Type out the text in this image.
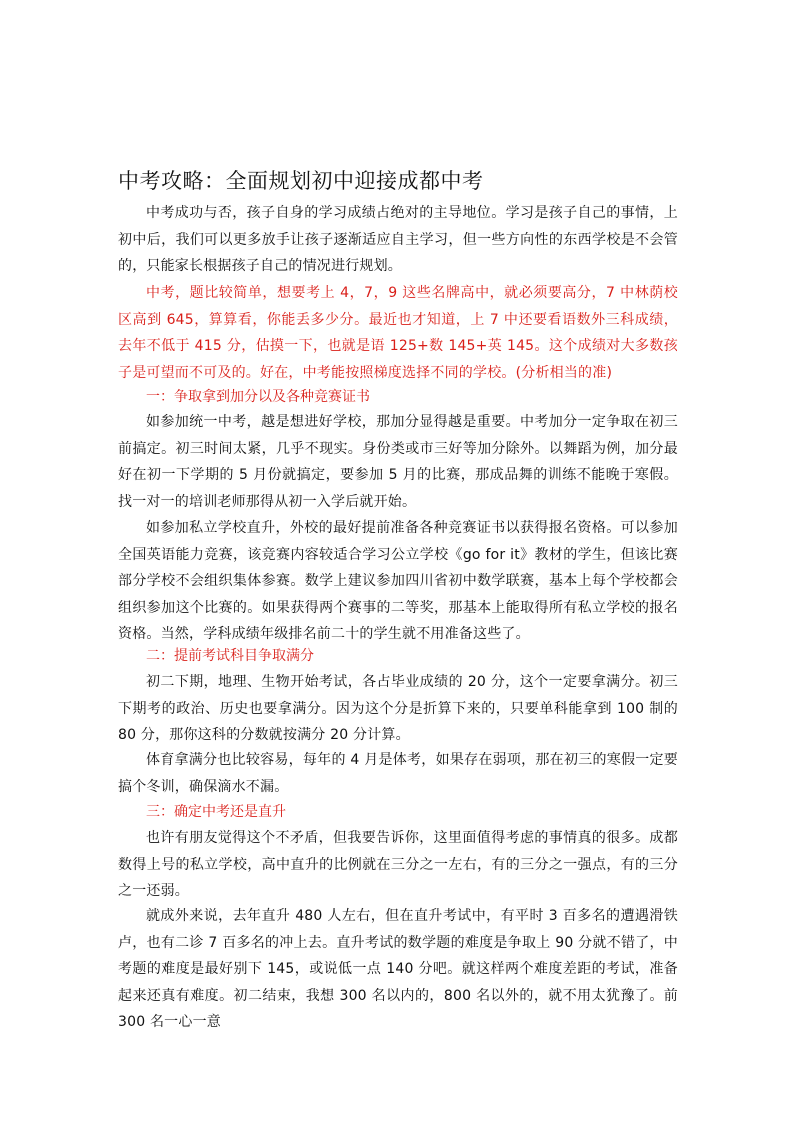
中考攻略：全面规划初中迎接成都中考

中考成功与否，孩子自身的学习成绩占绝对的主导地位。学习是孩子自己的事情，上初中后，我们可以更多放手让孩子逐渐适应自主学习，但一些方向性的东西学校是不会管的，只能家长根据孩子自己的情况进行规划。

中考，题比较简单，想要考上 4，7，9 这些名牌高中，就必须要高分，7 中林荫校区高到 645，算算看，你能丢多少分。最近也才知道，上 7 中还要看语数外三科成绩，去年不低于 415 分，估摸一下，也就是语 125+数 145+英 145。这个成绩对大多数孩子是可望而不可及的。好在，中考能按照梯度选择不同的学校。(分析相当的准)

一：争取拿到加分以及各种竞赛证书

如参加统一中考，越是想进好学校，那加分显得越是重要。中考加分一定争取在初三前搞定。初三时间太紧，几乎不现实。身份类或市三好等加分除外。以舞蹈为例，加分最好在初一下学期的 5 月份就搞定，要参加 5 月的比赛，那成品舞的训练不能晚于寒假。 找一对一的培训老师那得从初一入学后就开始。

如参加私立学校直升，外校的最好提前准备各种竞赛证书以获得报名资格。可以参加全国英语能力竞赛，该竞赛内容较适合学习公立学校《go for it》教材的学生，但该比赛部分学校不会组织集体参赛。数学上建议参加四川省初中数学联赛，基本上每个学校都会组织参加这个比赛的。如果获得两个赛事的二等奖，那基本上能取得所有私立学校的报名资格。当然，学科成绩年级排名前二十的学生就不用准备这些了。

二：提前考试科目争取满分

初二下期，地理、生物开始考试，各占毕业成绩的 20 分，这个一定要拿满分。初三下期考的政治、历史也要拿满分。因为这个分是折算下来的，只要单科能拿到 100 制的 80 分，那你这科的分数就按满分 20 分计算。

体育拿满分也比较容易，每年的 4 月是体考，如果存在弱项，那在初三的寒假一定要搞个冬训，确保滴水不漏。

三：确定中考还是直升

也许有朋友觉得这个不矛盾，但我要告诉你，这里面值得考虑的事情真的很多。成都数得上号的私立学校，高中直升的比例就在三分之一左右，有的三分之一强点，有的三分之一还弱。

就成外来说，去年直升 480 人左右，但在直升考试中，有平时 3 百多名的遭遇滑铁卢，也有二诊 7 百多名的冲上去。直升考试的数学题的难度是争取上 90 分就不错了，中考题的难度是最好别下 145，或说低一点 140 分吧。就这样两个难度差距的考试，准备起来还真有难度。初二结束，我想 300 名以内的，800 名以外的，就不用太犹豫了。前 300 名一心一意
